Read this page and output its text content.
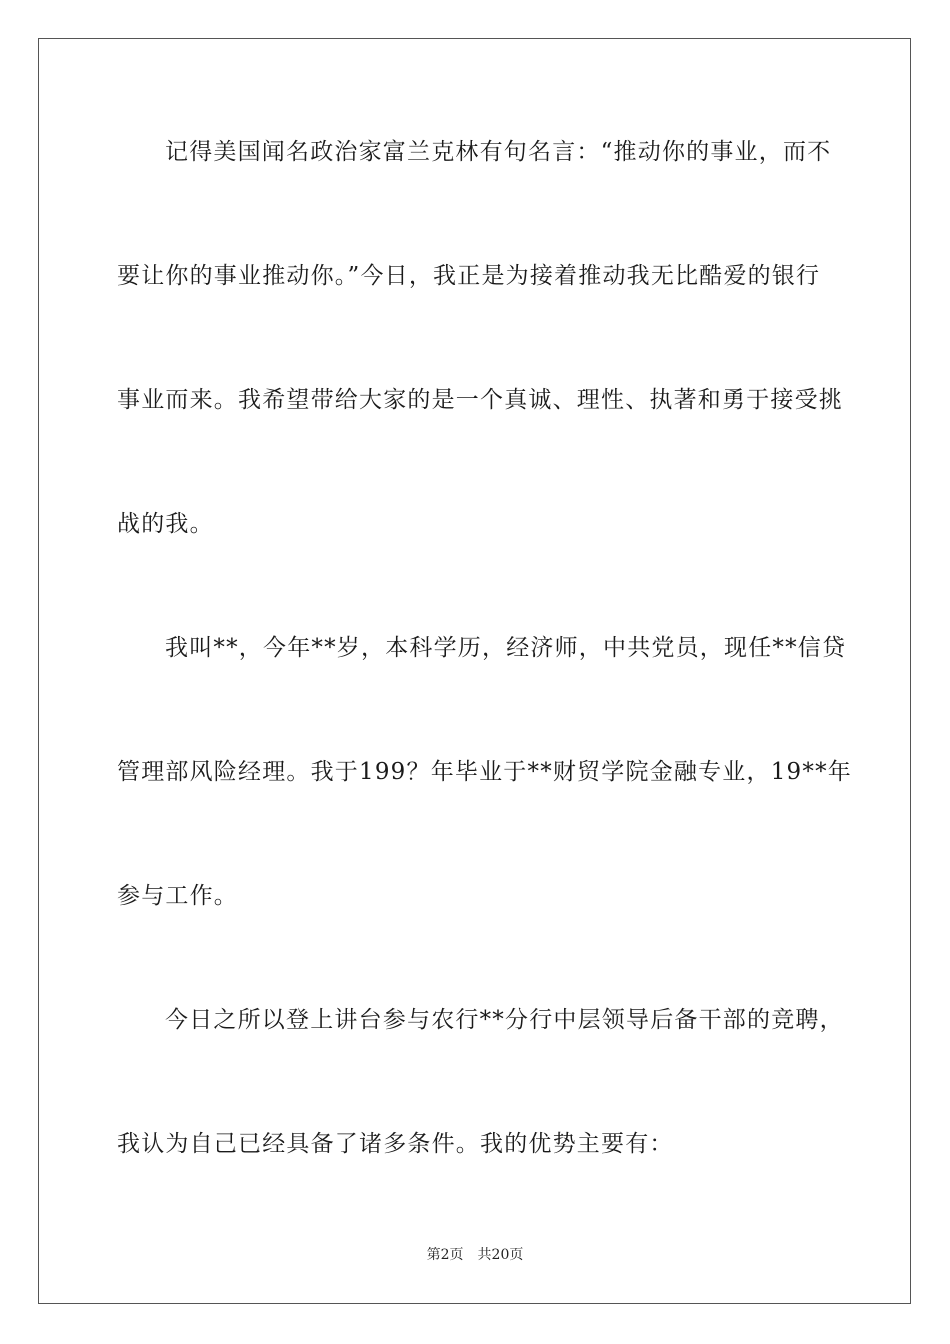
记得美国闻名政治家富兰克林有句名言：“推动你的事业，而不
要让你的事业推动你。”今日，我正是为接着推动我无比酷爱的银行
事业而来。我希望带给大家的是一个真诚、理性、执著和勇于接受挑
战的我。
我叫**，今年**岁，本科学历，经济师，中共党员，现任**信贷
管理部风险经理。我于199？年毕业于**财贸学院金融专业，19**年
参与工作。
今日之所以登上讲台参与农行**分行中层领导后备干部的竞聘，
我认为自己已经具备了诸多条件。我的优势主要有：
第2页 共20页
